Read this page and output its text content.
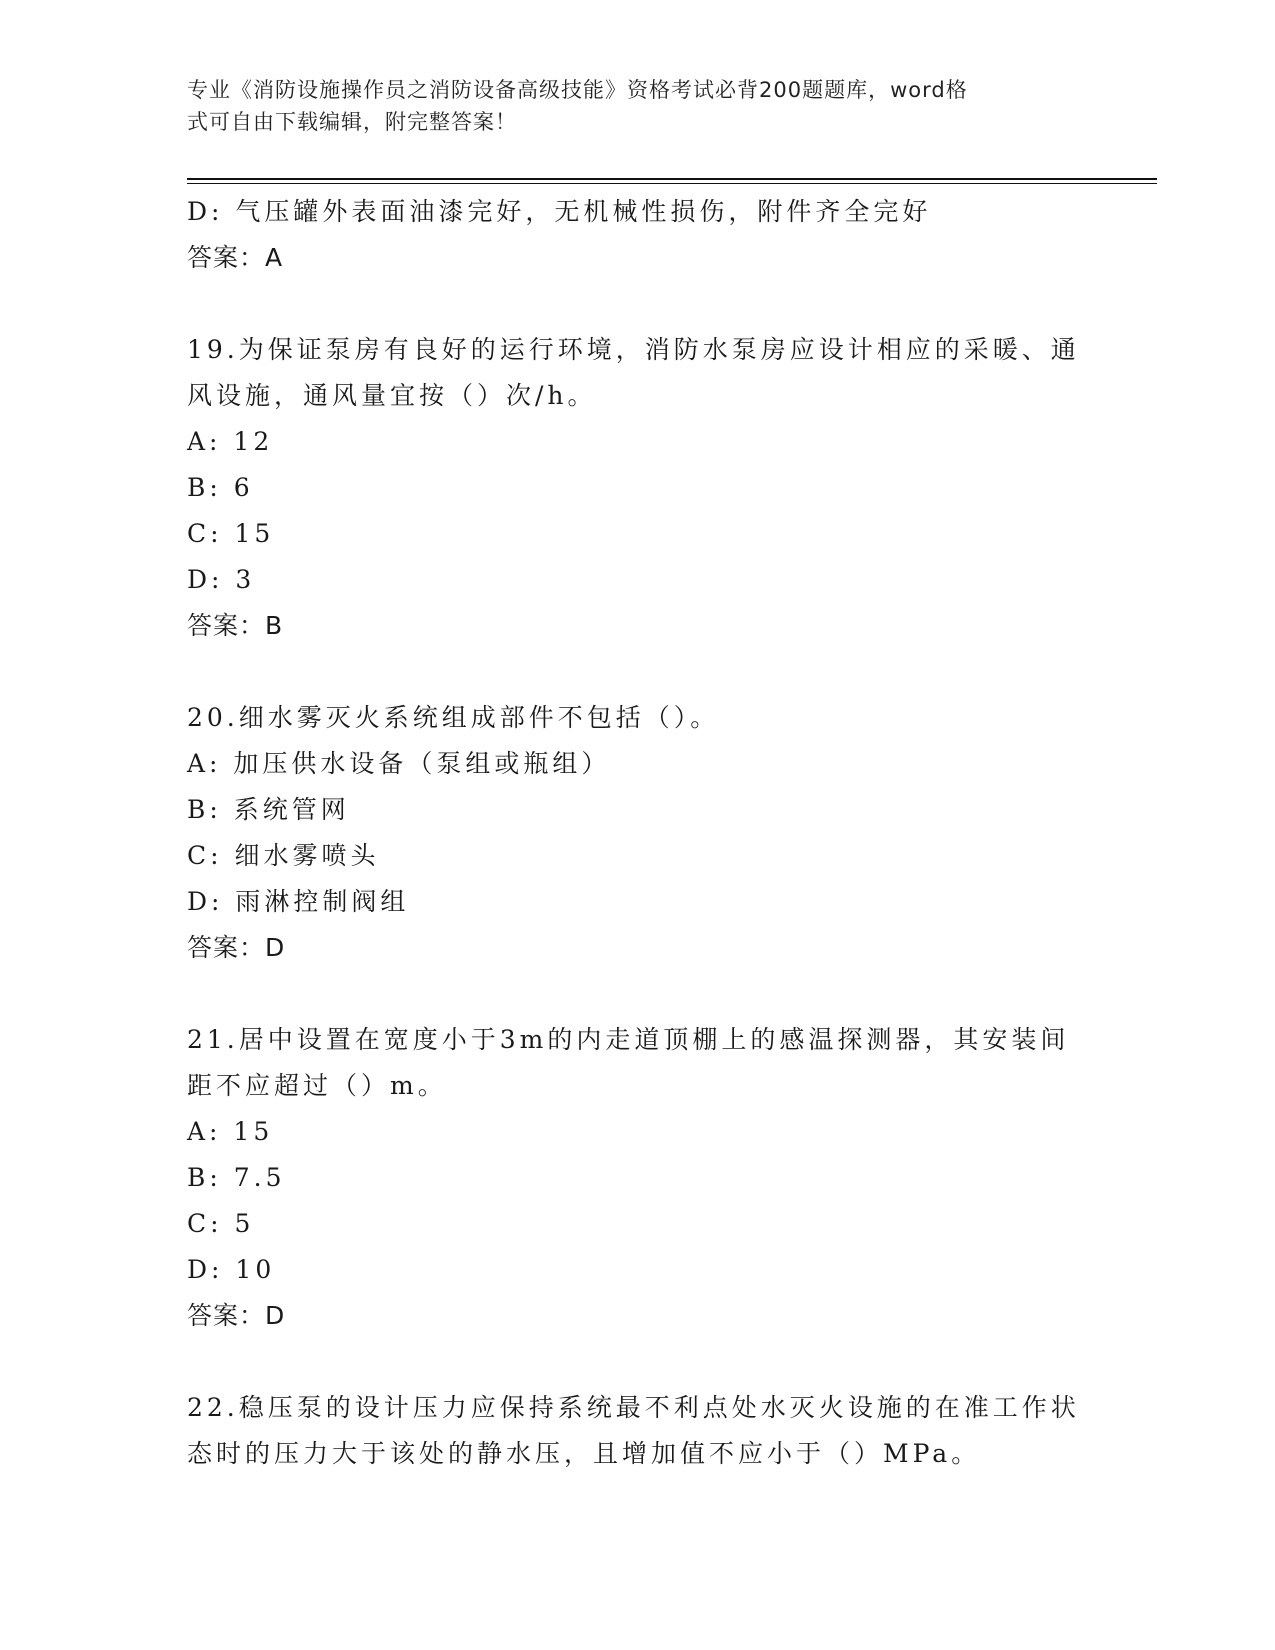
专业《消防设施操作员之消防设备高级技能》资格考试必背200题题库，word格
式可自由下载编辑，附完整答案！
D: 气压罐外表面油漆完好，无机械性损伤，附件齐全完好
答案：A
19.为保证泵房有良好的运行环境，消防水泵房应设计相应的采暖、通
风设施，通风量宜按（）次/h。
A: 12
B: 6
C: 15
D: 3
答案：B
20.细水雾灭火系统组成部件不包括（）。
A: 加压供水设备（泵组或瓶组）
B: 系统管网
C: 细水雾喷头
D: 雨淋控制阀组
答案：D
21.居中设置在宽度小于3m的内走道顶棚上的感温探测器，其安装间
距不应超过（）m。
A: 15
B: 7.5
C: 5
D: 10
答案：D
22.稳压泵的设计压力应保持系统最不利点处水灭火设施的在准工作状
态时的压力大于该处的静水压，且增加值不应小于（）MPa。
